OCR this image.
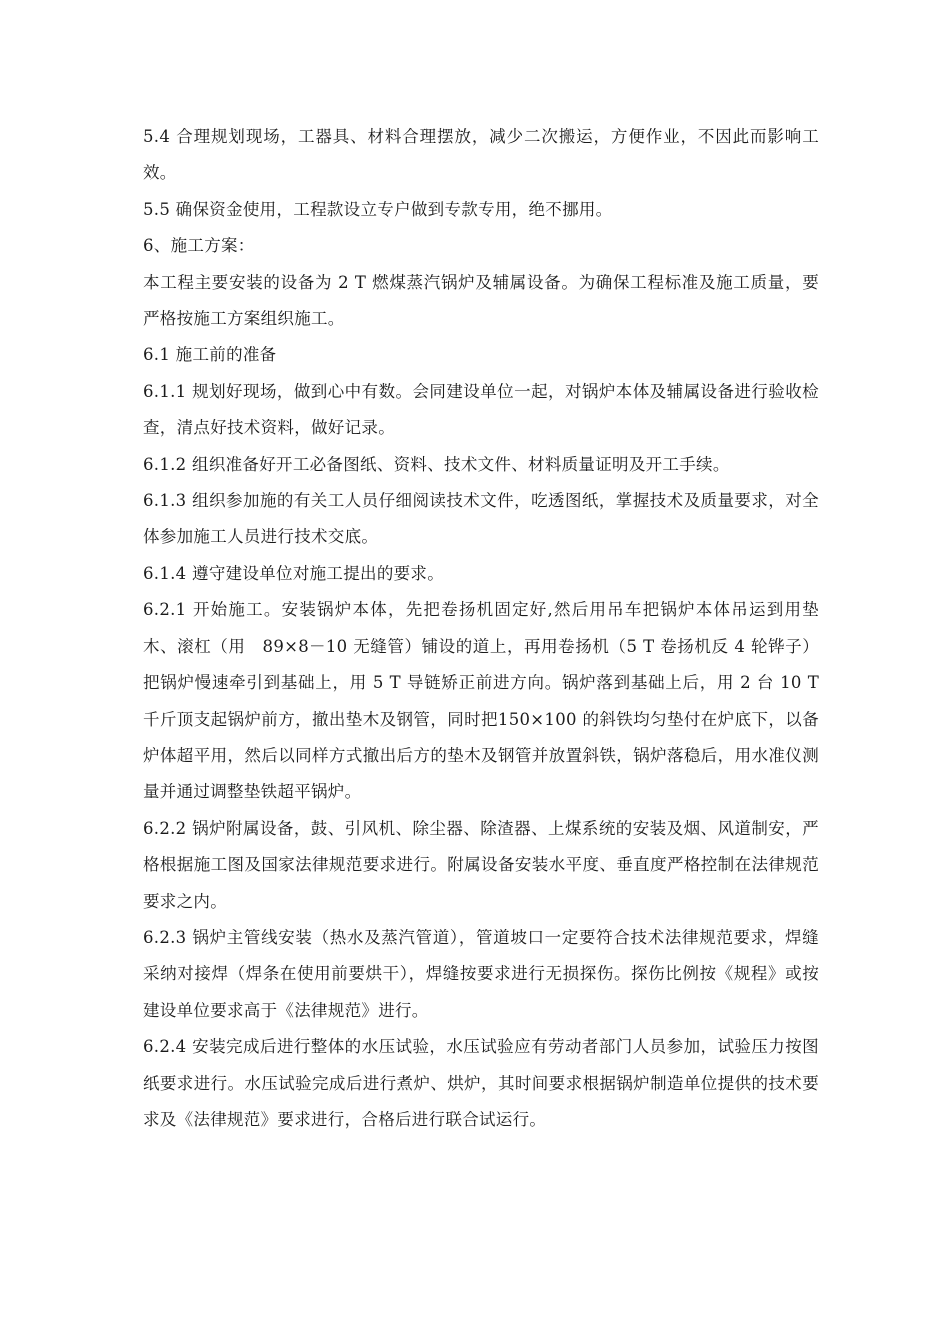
5.4 合理规划现场，工器具、材料合理摆放，减少二次搬运，方便作业，不因此而影响工效。

5.5 确保资金使用，工程款设立专户做到专款专用，绝不挪用。

6、施工方案：

本工程主要安装的设备为 2 T 燃煤蒸汽锅炉及辅属设备。为确保工程标准及施工质量，要严格按施工方案组织施工。

6.1 施工前的准备

6.1.1 规划好现场，做到心中有数。会同建设单位一起，对锅炉本体及辅属设备进行验收检查，清点好技术资料，做好记录。

6.1.2 组织准备好开工必备图纸、资料、技术文件、材料质量证明及开工手续。

6.1.3 组织参加施的有关工人员仔细阅读技术文件，吃透图纸，掌握技术及质量要求，对全体参加施工人员进行技术交底。

6.1.4 遵守建设单位对施工提出的要求。

6.2.1 开始施工。安装锅炉本体，先把卷扬机固定好,然后用吊车把锅炉本体吊运到用垫木、滚杠（用　89×8－10 无缝管）铺设的道上，再用卷扬机（5 T 卷扬机反 4 轮铧子）把锅炉慢速牵引到基础上，用 5 T 导链矫正前进方向。锅炉落到基础上后，用 2 台 10 T 千斤顶支起锅炉前方，撤出垫木及钢管，同时把150×100 的斜铁均匀垫付在炉底下，以备炉体超平用，然后以同样方式撤出后方的垫木及钢管并放置斜铁，锅炉落稳后，用水准仪测量并通过调整垫铁超平锅炉。

6.2.2 锅炉附属设备，鼓、引风机、除尘器、除渣器、上煤系统的安装及烟、风道制安，严格根据施工图及国家法律规范要求进行。附属设备安装水平度、垂直度严格控制在法律规范要求之内。

6.2.3 锅炉主管线安装（热水及蒸汽管道），管道坡口一定要符合技术法律规范要求，焊缝采纳对接焊（焊条在使用前要烘干），焊缝按要求进行无损探伤。探伤比例按《规程》或按建设单位要求高于《法律规范》进行。

6.2.4 安装完成后进行整体的水压试验，水压试验应有劳动者部门人员参加，试验压力按图纸要求进行。水压试验完成后进行煮炉、烘炉，其时间要求根据锅炉制造单位提供的技术要求及《法律规范》要求进行，合格后进行联合试运行。
